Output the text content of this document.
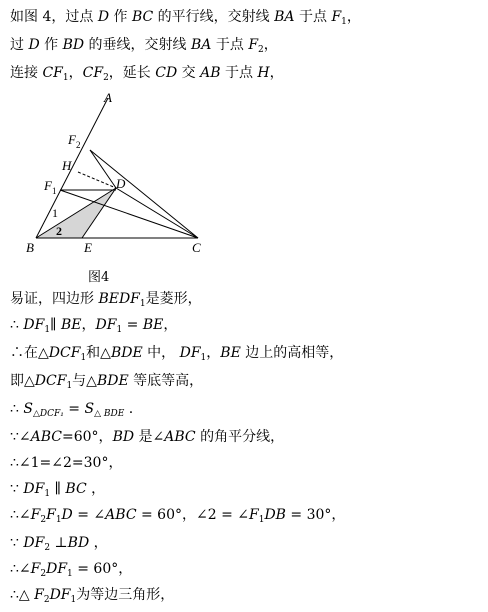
如图 4，过点 D 作 BC 的平行线，交射线 BA 于点 $F_1$，
过 D 作 BD 的垂线，交射线 BA 于点 $F_2$，
连接 $CF_1$，$CF_2$，延长 CD 交 AB 于点 H，
A
$F_2$
H
$F_1$	D
1
2
B	E	C
图4
易证，四边形 $BEDF_1$是菱形，
∴ $DF_1\parallel$ BE，$DF_1$ = BE，
∴在$\triangle DCF_1$和△BDE 中， $DF_1$，BE 边上的高相等，
即$\triangle DCF_1$与△BDE 等底等高，
∴ $S_{\triangle DCF_1} = S_{\triangle BDE}$ .
∵∠ABC=60°，BD 是∠ABC 的角平分线，
∴∠1=∠2=30°，
∵ $DF_1$ ∥ BC ，
$\therefore\angle F_2F_1D$ = ∠ABC = 60°，∠2 = $\angle F_1DB = 30^\circ$，
∵ $DF_2$ ⊥BD ，
$\therefore\angle F_2DF_1 = 60^\circ$，
∴△ $F_2DF_1$为等边三角形，
